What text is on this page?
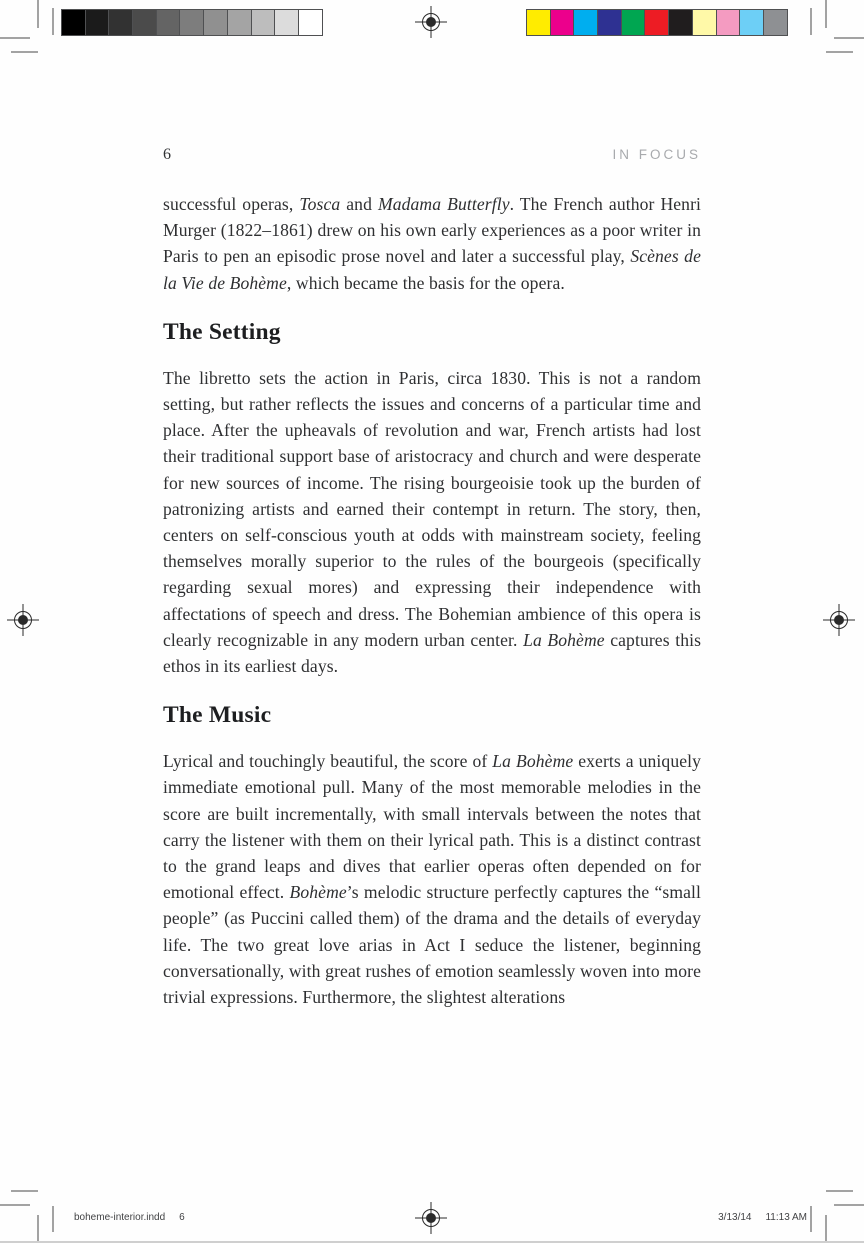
6	IN FOCUS

successful operas, Tosca and Madama Butterfly. The French author Henri Murger (1822–1861) drew on his own early experiences as a poor writer in Paris to pen an episodic prose novel and later a successful play, Scènes de la Vie de Bohème, which became the basis for the opera.

The Setting

The libretto sets the action in Paris, circa 1830. This is not a random setting, but rather reflects the issues and concerns of a particular time and place. After the upheavals of revolution and war, French artists had lost their traditional support base of aristocracy and church and were desperate for new sources of income. The rising bourgeoisie took up the burden of patronizing artists and earned their contempt in return. The story, then, centers on self-conscious youth at odds with mainstream society, feeling themselves morally superior to the rules of the bourgeois (specifically regarding sexual mores) and expressing their independence with affectations of speech and dress. The Bohemian ambience of this opera is clearly recognizable in any modern urban center. La Bohème captures this ethos in its earliest days.

The Music

Lyrical and touchingly beautiful, the score of La Bohème exerts a uniquely immediate emotional pull. Many of the most memorable melodies in the score are built incrementally, with small intervals between the notes that carry the listener with them on their lyrical path. This is a distinct contrast to the grand leaps and dives that earlier operas often depended on for emotional effect. Bohème’s melodic structure perfectly captures the “small people” (as Puccini called them) of the drama and the details of everyday life. The two great love arias in Act I seduce the listener, beginning conversationally, with great rushes of emotion seamlessly woven into more trivial expressions. Furthermore, the slightest alterations

boheme-interior.indd 6	3/13/14 11:13 AM
